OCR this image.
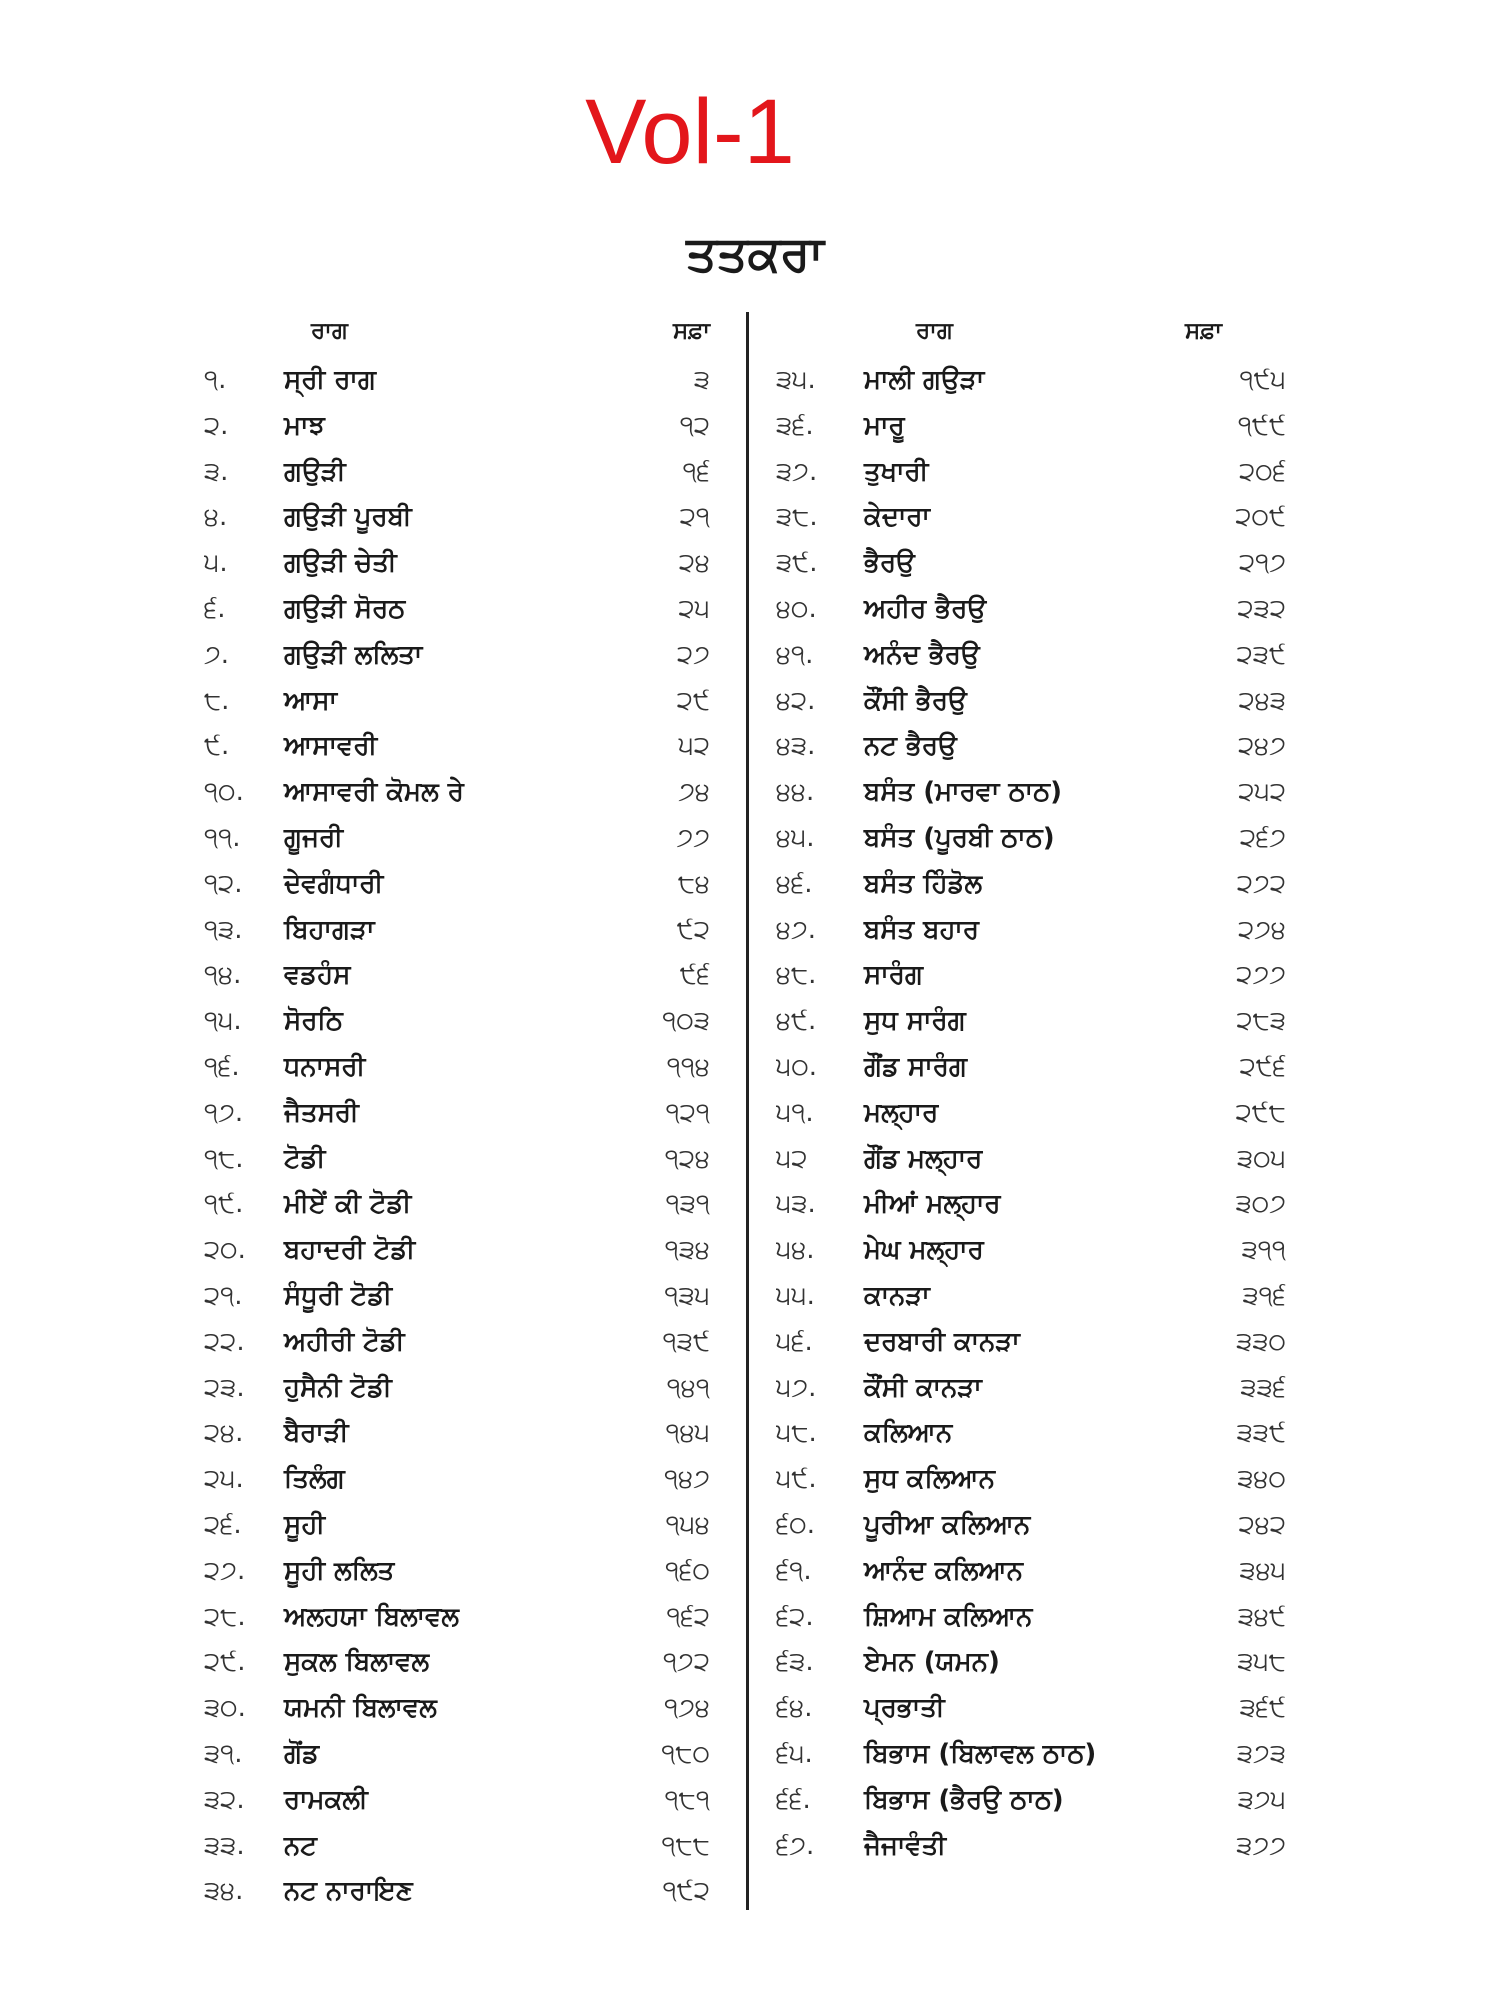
Vol-1
ਤਤਕਰਾ
ਰਾਗ	ਸਫ਼ਾ
੧. ਸ੍ਰੀ ਰਾਗ	੩
੨. ਮਾਝ	੧੨
੩. ਗਉੜੀ	੧੬
੪. ਗਉੜੀ ਪੂਰਬੀ	੨੧
੫. ਗਉੜੀ ਚੇਤੀ	੨੪
੬. ਗਉੜੀ ਸੋਰਠ	੨੫
੭. ਗਉੜੀ ਲਲਿਤਾ	੨੭
੮. ਆਸਾ	੨੯
੯. ਆਸਾਵਰੀ	੫੨
੧੦. ਆਸਾਵਰੀ ਕੋਮਲ ਰੇ	੭੪
੧੧. ਗੂਜਰੀ	੭੭
੧੨. ਦੇਵਗੰਧਾਰੀ	੮੪
੧੩. ਬਿਹਾਗੜਾ	੯੨
੧੪. ਵਡਹੰਸ	੯੬
੧੫. ਸੋਰਠਿ	੧੦੩
੧੬. ਧਨਾਸਰੀ	੧੧੪
੧੭. ਜੈਤਸਰੀ	੧੨੧
੧੮. ਟੋਡੀ	੧੨੪
੧੯. ਮੀਏਂ ਕੀ ਟੋਡੀ	੧੩੧
੨੦. ਬਹਾਦਰੀ ਟੋਡੀ	੧੩੪
੨੧. ਸੰਧੂਰੀ ਟੋਡੀ	੧੩੫
੨੨. ਅਹੀਰੀ ਟੋਡੀ	੧੩੯
੨੩. ਹੁਸੈਨੀ ਟੋਡੀ	੧੪੧
੨੪. ਬੈਰਾੜੀ	੧੪੫
੨੫. ਤਿਲੰਗ	੧੪੭
੨੬. ਸੂਹੀ	੧੫੪
੨੭. ਸੂਹੀ ਲਲਿਤ	੧੬੦
੨੮. ਅਲਹਯਾ ਬਿਲਾਵਲ	੧੬੨
੨੯. ਸੁਕਲ ਬਿਲਾਵਲ	੧੭੨
੩੦. ਯਮਨੀ ਬਿਲਾਵਲ	੧੭੪
੩੧. ਗੋਂਡ	੧੮੦
੩੨. ਰਾਮਕਲੀ	੧੮੧
੩੩. ਨਟ	੧੮੮
੩੪. ਨਟ ਨਾਰਾਇਣ	੧੯੨
ਰਾਗ	ਸਫ਼ਾ
੩੫. ਮਾਲੀ ਗਉੜਾ	੧੯੫
੩੬. ਮਾਰੂ	੧੯੯
੩੭. ਤੁਖਾਰੀ	੨੦੬
੩੮. ਕੇਦਾਰਾ	੨੦੯
੩੯. ਭੈਰਉ	੨੧੭
੪੦. ਅਹੀਰ ਭੈਰਉ	੨੩੨
੪੧. ਅਨੰਦ ਭੈਰਉ	੨੩੯
੪੨. ਕੌਂਸੀ ਭੈਰਉ	੨੪੩
੪੩. ਨਟ ਭੈਰਉ	੨੪੭
੪੪. ਬਸੰਤ (ਮਾਰਵਾ ਠਾਠ)	੨੫੨
੪੫. ਬਸੰਤ (ਪੂਰਬੀ ਠਾਠ)	੨੬੭
੪੬. ਬਸੰਤ ਹਿੰਡੋਲ	੨੭੨
੪੭. ਬਸੰਤ ਬਹਾਰ	੨੭੪
੪੮. ਸਾਰੰਗ	੨੭੭
੪੯. ਸੁਧ ਸਾਰੰਗ	੨੮੩
੫੦. ਗੌਂਡ ਸਾਰੰਗ	੨੯੬
੫੧. ਮਲ੍ਹਾਰ	੨੯੮
੫੨ ਗੌਂਡ ਮਲ੍ਹਾਰ	੩੦੫
੫੩. ਮੀਆਂ ਮਲ੍ਹਾਰ	੩੦੭
੫੪. ਮੇਘ ਮਲ੍ਹਾਰ	੩੧੧
੫੫. ਕਾਨੜਾ	੩੧੬
੫੬. ਦਰਬਾਰੀ ਕਾਨੜਾ	੩੩੦
੫੭. ਕੌਂਸੀ ਕਾਨੜਾ	੩੩੬
੫੮. ਕਲਿਆਨ	੩੩੯
੫੯. ਸੁਧ ਕਲਿਆਨ	੩੪੦
੬੦. ਪੂਰੀਆ ਕਲਿਆਨ	੨੪੨
੬੧. ਆਨੰਦ ਕਲਿਆਨ	੩੪੫
੬੨. ਸ਼ਿਆਮ ਕਲਿਆਨ	੩੪੯
੬੩. ਏਮਨ (ਯਮਨ)	੩੫੮
੬੪. ਪ੍ਰਭਾਤੀ	੩੬੯
੬੫. ਬਿਭਾਸ (ਬਿਲਾਵਲ ਠਾਠ)	੩੭੩
੬੬. ਬਿਭਾਸ (ਭੈਰਉ ਠਾਠ)	੩੭੫
੬੭. ਜੈਜਾਵੰਤੀ	੩੭੭
